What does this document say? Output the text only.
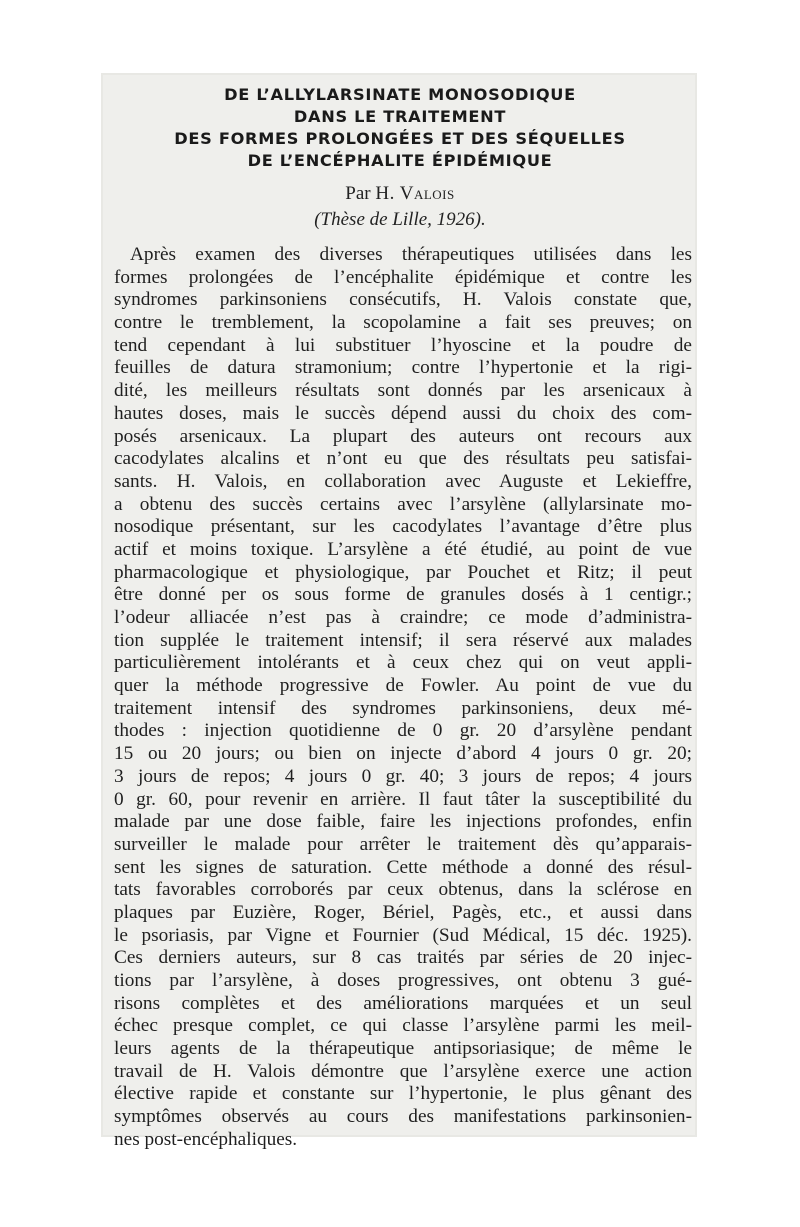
DE L’ALLYLARSINATE MONOSODIQUE
DANS LE TRAITEMENT
DES FORMES PROLONGÉES ET DES SÉQUELLES
DE L’ENCÉPHALITE ÉPIDÉMIQUE
Par H. Valois
(Thèse de Lille, 1926).
Après examen des diverses thérapeutiques utilisées dans les
formes prolongées de l’encéphalite épidémique et contre les
syndromes parkinsoniens consécutifs, H. Valois constate que,
contre le tremblement, la scopolamine a fait ses preuves; on
tend cependant à lui substituer l’hyoscine et la poudre de
feuilles de datura stramonium; contre l’hypertonie et la rigi-
dité, les meilleurs résultats sont donnés par les arsenicaux à
hautes doses, mais le succès dépend aussi du choix des com-
posés arsenicaux. La plupart des auteurs ont recours aux
cacodylates alcalins et n’ont eu que des résultats peu satisfai-
sants. H. Valois, en collaboration avec Auguste et Lekieffre,
a obtenu des succès certains avec l’arsylène (allylarsinate mo-
nosodique présentant, sur les cacodylates l’avantage d’être plus
actif et moins toxique. L’arsylène a été étudié, au point de vue
pharmacologique et physiologique, par Pouchet et Ritz; il peut
être donné per os sous forme de granules dosés à 1 centigr.;
l’odeur alliacée n’est pas à craindre; ce mode d’administra-
tion supplée le traitement intensif; il sera réservé aux malades
particulièrement intolérants et à ceux chez qui on veut appli-
quer la méthode progressive de Fowler. Au point de vue du
traitement intensif des syndromes parkinsoniens, deux mé-
thodes : injection quotidienne de 0 gr. 20 d’arsylène pendant
15 ou 20 jours; ou bien on injecte d’abord 4 jours 0 gr. 20;
3 jours de repos; 4 jours 0 gr. 40; 3 jours de repos; 4 jours
0 gr. 60, pour revenir en arrière. Il faut tâter la susceptibilité du
malade par une dose faible, faire les injections profondes, enfin
surveiller le malade pour arrêter le traitement dès qu’apparais-
sent les signes de saturation. Cette méthode a donné des résul-
tats favorables corroborés par ceux obtenus, dans la sclérose en
plaques par Euzière, Roger, Bériel, Pagès, etc., et aussi dans
le psoriasis, par Vigne et Fournier (Sud Médical, 15 déc. 1925).
Ces derniers auteurs, sur 8 cas traités par séries de 20 injec-
tions par l’arsylène, à doses progressives, ont obtenu 3 gué-
risons complètes et des améliorations marquées et un seul
échec presque complet, ce qui classe l’arsylène parmi les meil-
leurs agents de la thérapeutique antipsoriasique; de même le
travail de H. Valois démontre que l’arsylène exerce une action
élective rapide et constante sur l’hypertonie, le plus gênant des
symptômes observés au cours des manifestations parkinsonien-
nes post-encéphaliques.
